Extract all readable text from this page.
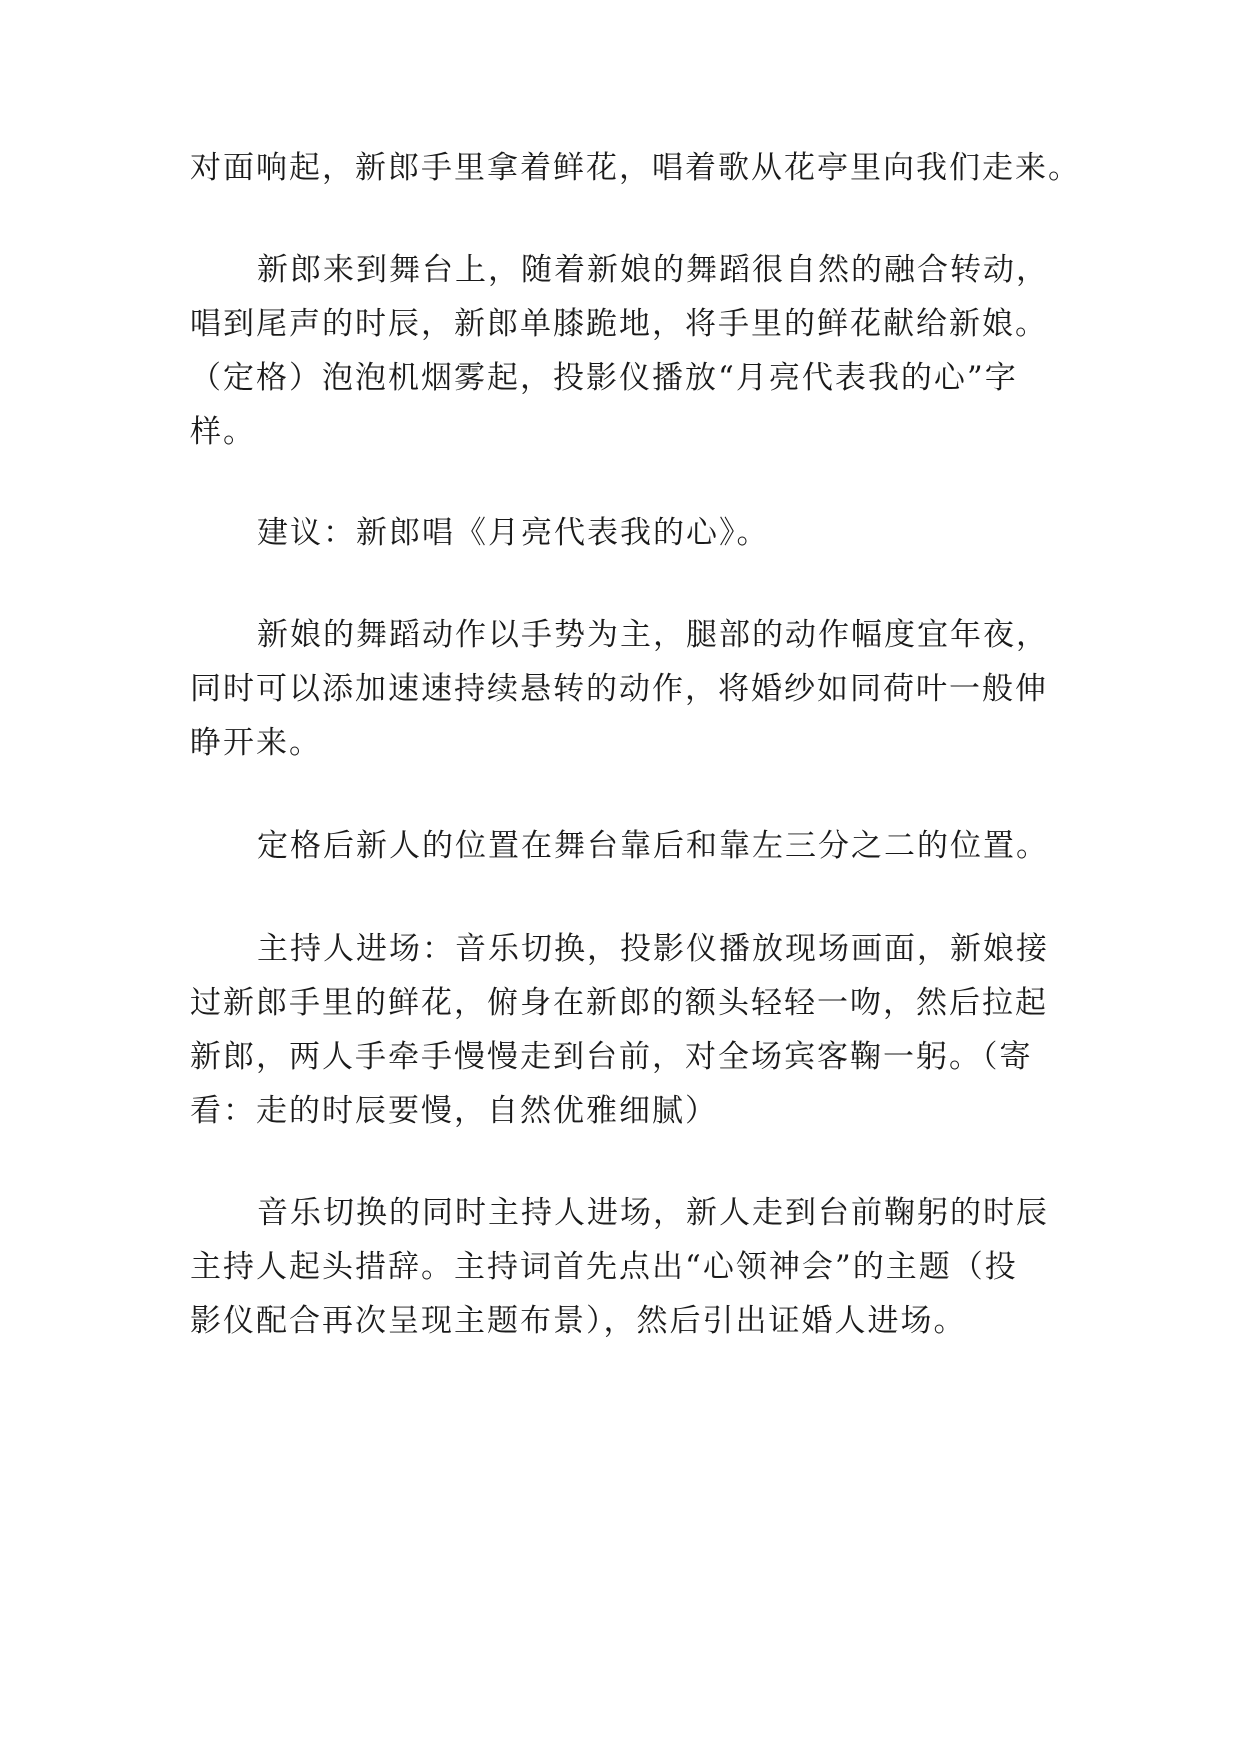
对面响起，新郎手里拿着鲜花，唱着歌从花亭里向我们走来。
新郎来到舞台上，随着新娘的舞蹈很自然的融合转动，
唱到尾声的时辰，新郎单膝跪地，将手里的鲜花献给新娘。
（定格）泡泡机烟雾起，投影仪播放“月亮代表我的心”字
样。
建议：新郎唱《月亮代表我的心》。
新娘的舞蹈动作以手势为主，腿部的动作幅度宜年夜，
同时可以添加速速持续悬转的动作，将婚纱如同荷叶一般伸
睁开来。
定格后新人的位置在舞台靠后和靠左三分之二的位置。
主持人进场：音乐切换，投影仪播放现场画面，新娘接
过新郎手里的鲜花，俯身在新郎的额头轻轻一吻，然后拉起
新郎，两人手牵手慢慢走到台前，对全场宾客鞠一躬。（寄
看：走的时辰要慢，自然优雅细腻）
音乐切换的同时主持人进场，新人走到台前鞠躬的时辰
主持人起头措辞。主持词首先点出“心领神会”的主题（投
影仪配合再次呈现主题布景），然后引出证婚人进场。
